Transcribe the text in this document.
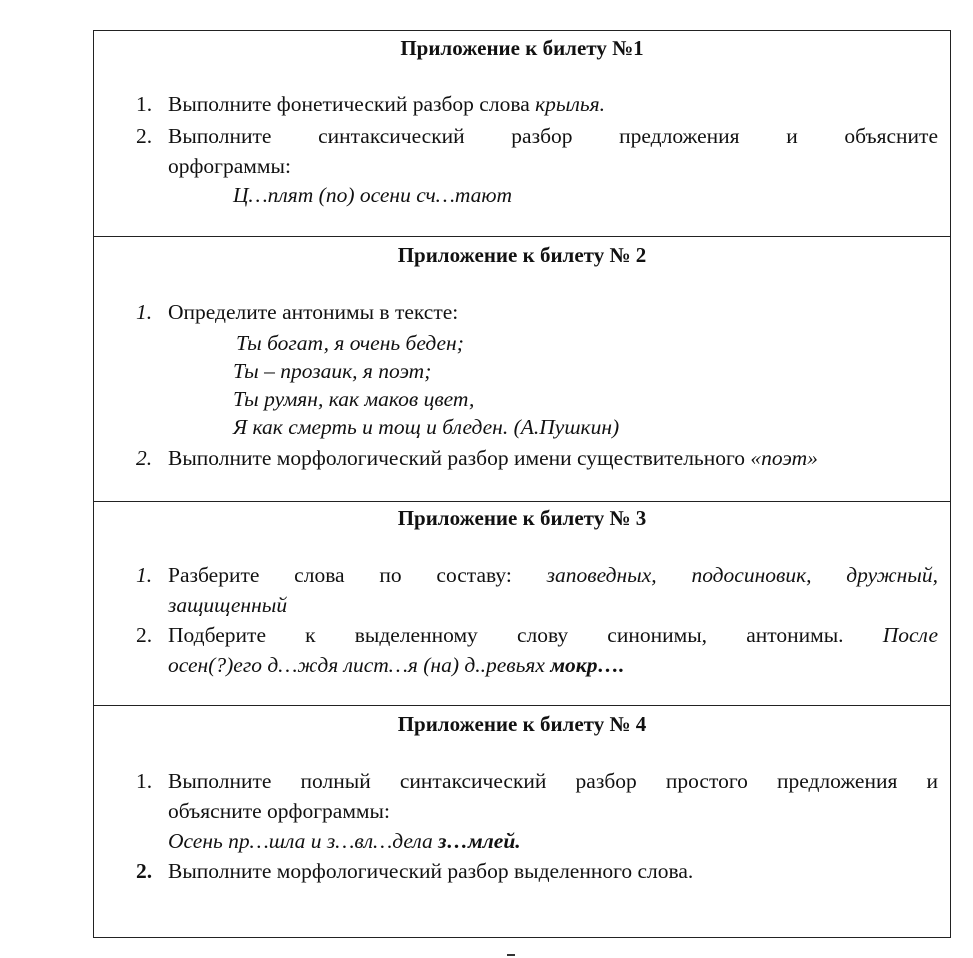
Приложение к билету №1
1. Выполните фонетический разбор слова крылья.
2. Выполните синтаксический разбор предложения и объясните
орфограммы:
Ц…плят (по) осени сч…тают
Приложение к билету № 2
1. Определите антонимы в тексте:
Ты богат, я очень беден;
Ты – прозаик, я поэт;
Ты румян, как маков цвет,
Я как смерть и тощ и бледен. (А.Пушкин)
2. Выполните морфологический разбор имени существительного «поэт»
Приложение к билету № 3
1. Разберите слова по составу: заповедных, подосиновик, дружный,
защищенный
2. Подберите к выделенному слову синонимы, антонимы. После
осен(?)его д…ждя лист…я (на) д..ревьях мокр….
Приложение к билету № 4
1. Выполните полный синтаксический разбор простого предложения и
объясните орфограммы:
Осень пр…шла и з…вл…дела з…млей.
2. Выполните морфологический разбор выделенного слова.
